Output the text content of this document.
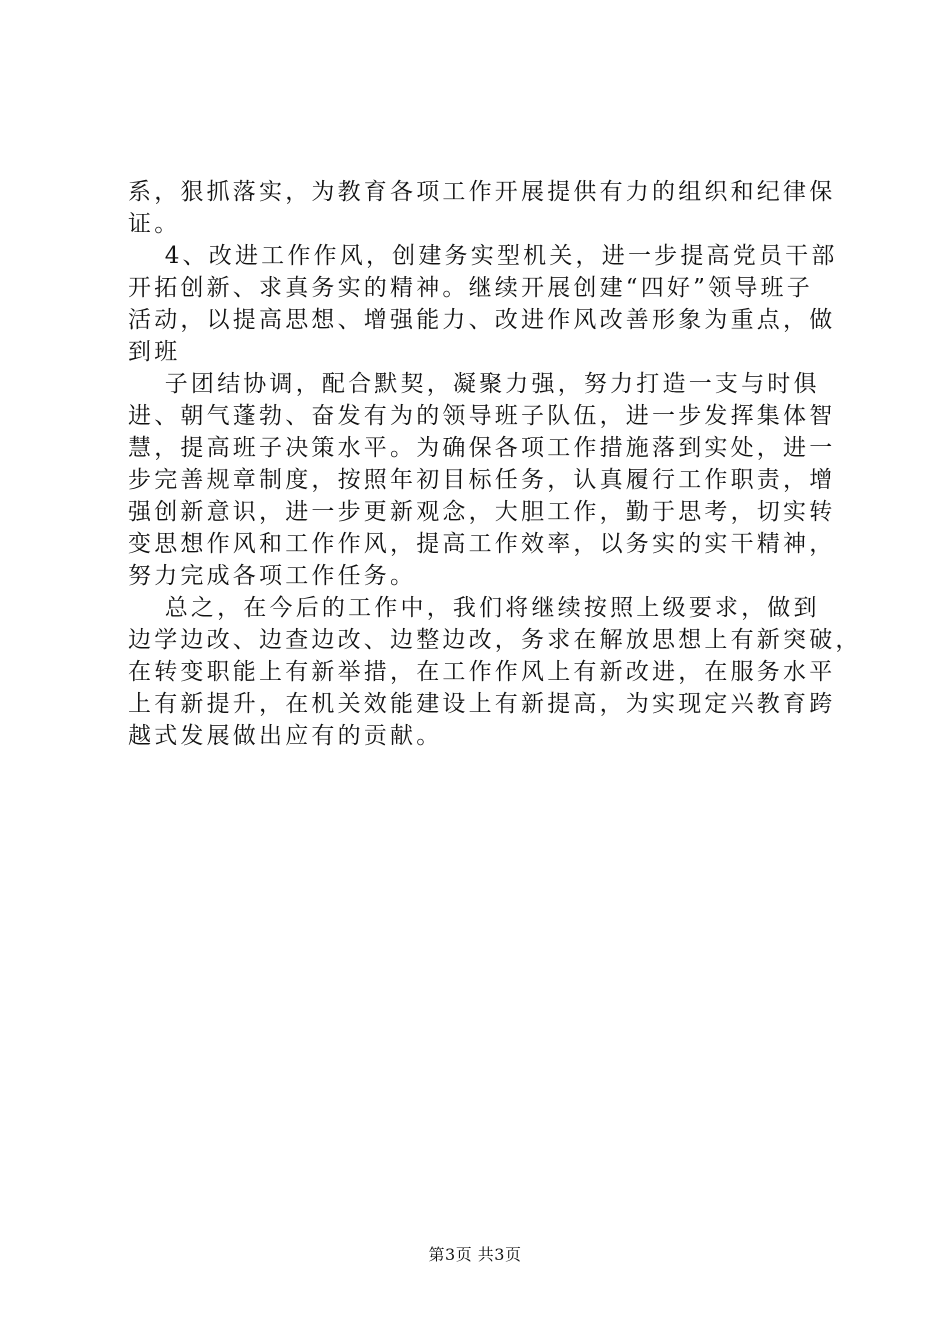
系，狠抓落实，为教育各项工作开展提供有力的组织和纪律保
证。
　 4、改进工作作风，创建务实型机关，进一步提高党员干部
开拓创新、求真务实的精神。继续开展创建“四好”领导班子
活动，以提高思想、增强能力、改进作风改善形象为重点，做
到班
　 子团结协调，配合默契，凝聚力强，努力打造一支与时俱
进、朝气蓬勃、奋发有为的领导班子队伍，进一步发挥集体智
慧，提高班子决策水平。为确保各项工作措施落到实处，进一
步完善规章制度，按照年初目标任务，认真履行工作职责，增
强创新意识，进一步更新观念，大胆工作，勤于思考，切实转
变思想作风和工作作风，提高工作效率，以务实的实干精神，
努力完成各项工作任务。
　 总之，在今后的工作中，我们将继续按照上级要求，做到
边学边改、边查边改、边整边改，务求在解放思想上有新突破，
在转变职能上有新举措，在工作作风上有新改进，在服务水平
上有新提升，在机关效能建设上有新提高，为实现定兴教育跨
越式发展做出应有的贡献。
第3页 共3页
